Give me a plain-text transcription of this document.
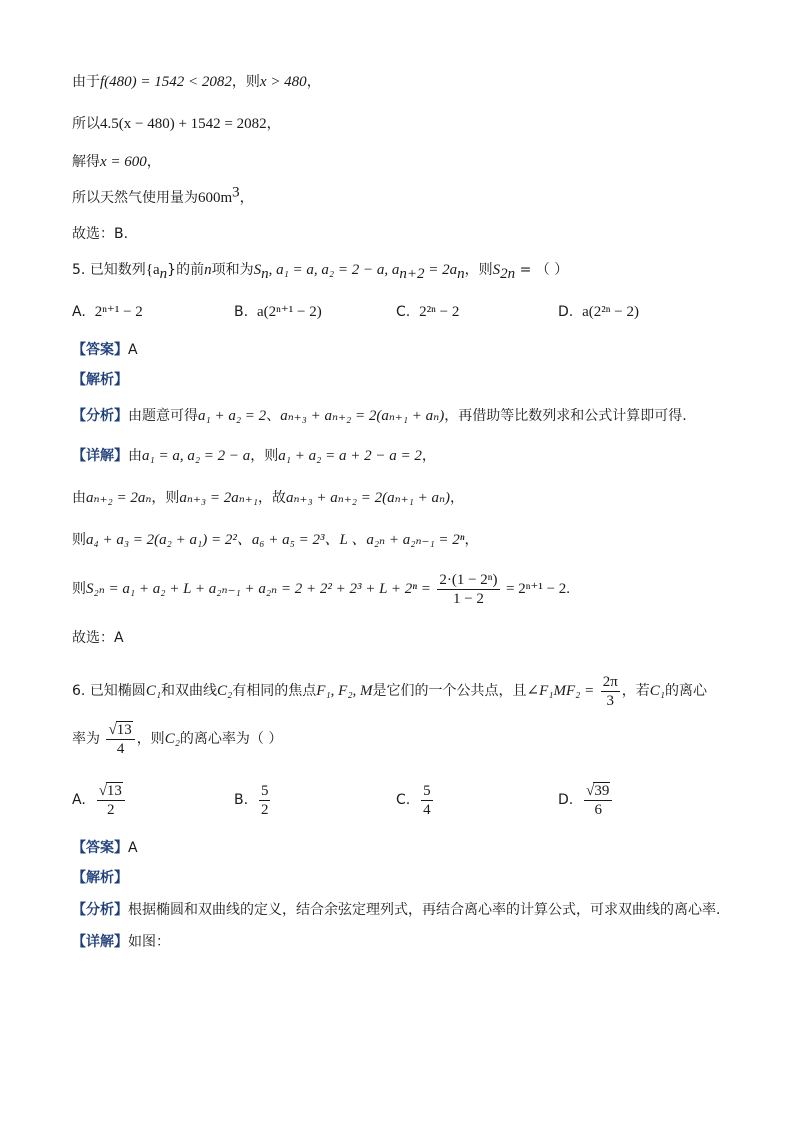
由于f(480) = 1542 < 2082，则x > 480，
所以4.5(x − 480) + 1542 = 2082，
解得x = 600，
所以天然气使用量为$600m^3$，
故选：B.
5. 已知数列$\{a_n\}$的前n项和为$S_n$, a₁ = a, a₂ = 2 − a, $a_{n+2} = 2a_n$，则$S_{2n}$ = （ ）
A. 2ⁿ⁺¹ − 2	B. a(2ⁿ⁺¹ − 2)	C. 2²ⁿ − 2	D. a(2²ⁿ − 2)
【答案】A
【解析】
【分析】由题意可得a₁ + a₂ = 2、aₙ₊₃ + aₙ₊₂ = 2(aₙ₊₁ + aₙ)，再借助等比数列求和公式计算即可得.
【详解】由a₁ = a, a₂ = 2 − a，则a₁ + a₂ = a + 2 − a = 2，
由aₙ₊₂ = 2aₙ，则aₙ₊₃ = 2aₙ₊₁，故aₙ₊₃ + aₙ₊₂ = 2(aₙ₊₁ + aₙ)，
则a₄ + a₃ = 2(a₂ + a₁) = 2²、a₆ + a₅ = 2³、L 、a₂ₙ + a₂ₙ₋₁ = 2ⁿ，
则$S_{2n} = a_1 + a_2 + L + a_{2n-1} + a_{2n} = 2 + 2^2 + 2^3 + L + 2^n = \frac{\text{2·(1 − 2ⁿ)}}{1 - 2} = 2^{n+1} - 2$.
故选：A
6. 已知椭圆C₁和双曲线C₂有相同的焦点F₁, F₂, M是它们的一个公共点，且∠F₁MF₂ = $\frac{2\pi}{3}$ ，若C₁的离心
率为 $\frac{√13}{4}$ ，则C₂的离心率为（ ）
A. $\frac{√13}{2}$	B. $\frac{5}{2}$	C. $\frac{5}{4}$	D. $\frac{√39}{6}$
【答案】A
【解析】
【分析】根据椭圆和双曲线的定义，结合余弦定理列式，再结合离心率的计算公式，可求双曲线的离心率.
【详解】如图：
